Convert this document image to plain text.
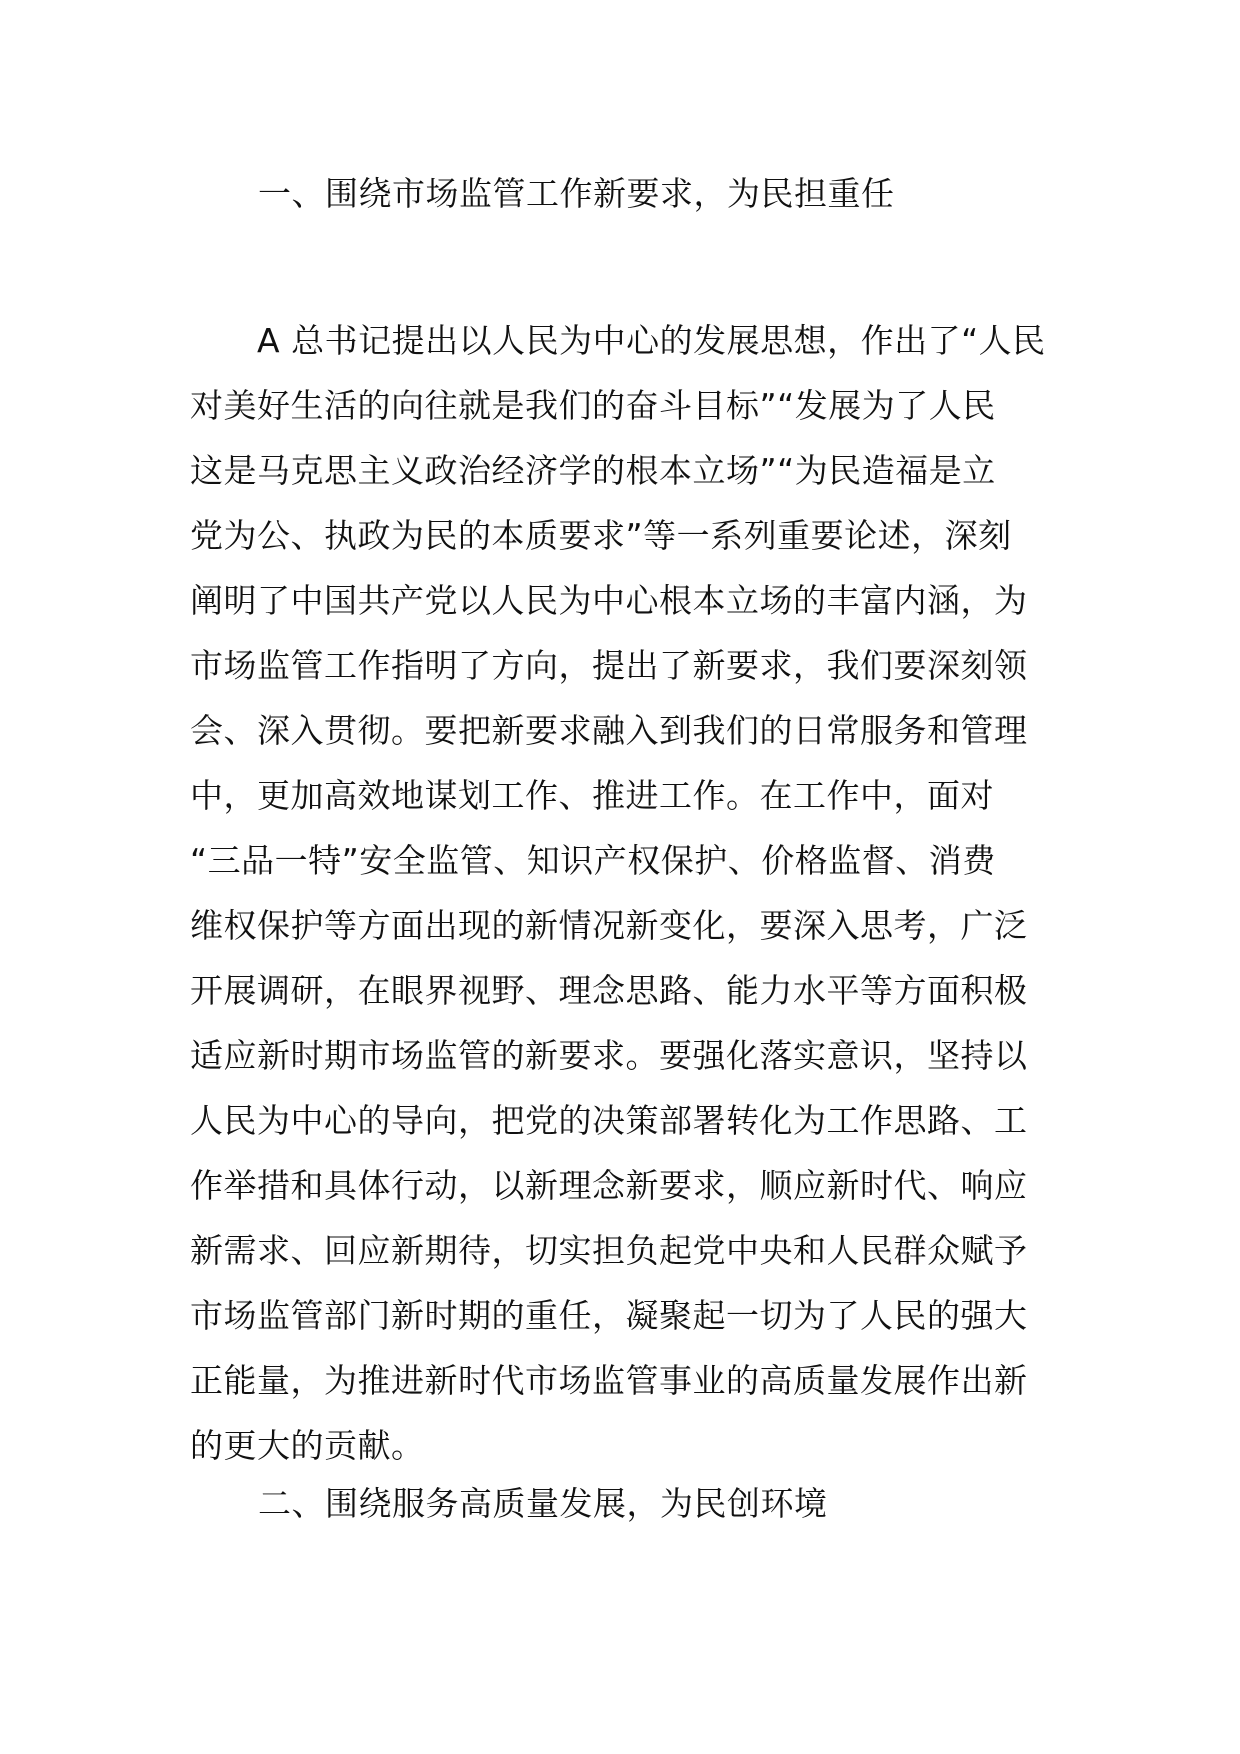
一、围绕市场监管工作新要求，为民担重任
　　A 总书记提出以人民为中心的发展思想，作出了“人民
对美好生活的向往就是我们的奋斗目标”“发展为了人民
这是马克思主义政治经济学的根本立场”“为民造福是立
党为公、执政为民的本质要求”等一系列重要论述，深刻
阐明了中国共产党以人民为中心根本立场的丰富内涵，为
市场监管工作指明了方向，提出了新要求，我们要深刻领
会、深入贯彻。要把新要求融入到我们的日常服务和管理
中，更加高效地谋划工作、推进工作。在工作中，面对
“三品一特”安全监管、知识产权保护、价格监督、消费
维权保护等方面出现的新情况新变化，要深入思考，广泛
开展调研，在眼界视野、理念思路、能力水平等方面积极
适应新时期市场监管的新要求。要强化落实意识，坚持以
人民为中心的导向，把党的决策部署转化为工作思路、工
作举措和具体行动，以新理念新要求，顺应新时代、响应
新需求、回应新期待，切实担负起党中央和人民群众赋予
市场监管部门新时期的重任，凝聚起一切为了人民的强大
正能量，为推进新时代市场监管事业的高质量发展作出新
的更大的贡献。
二、围绕服务高质量发展，为民创环境
